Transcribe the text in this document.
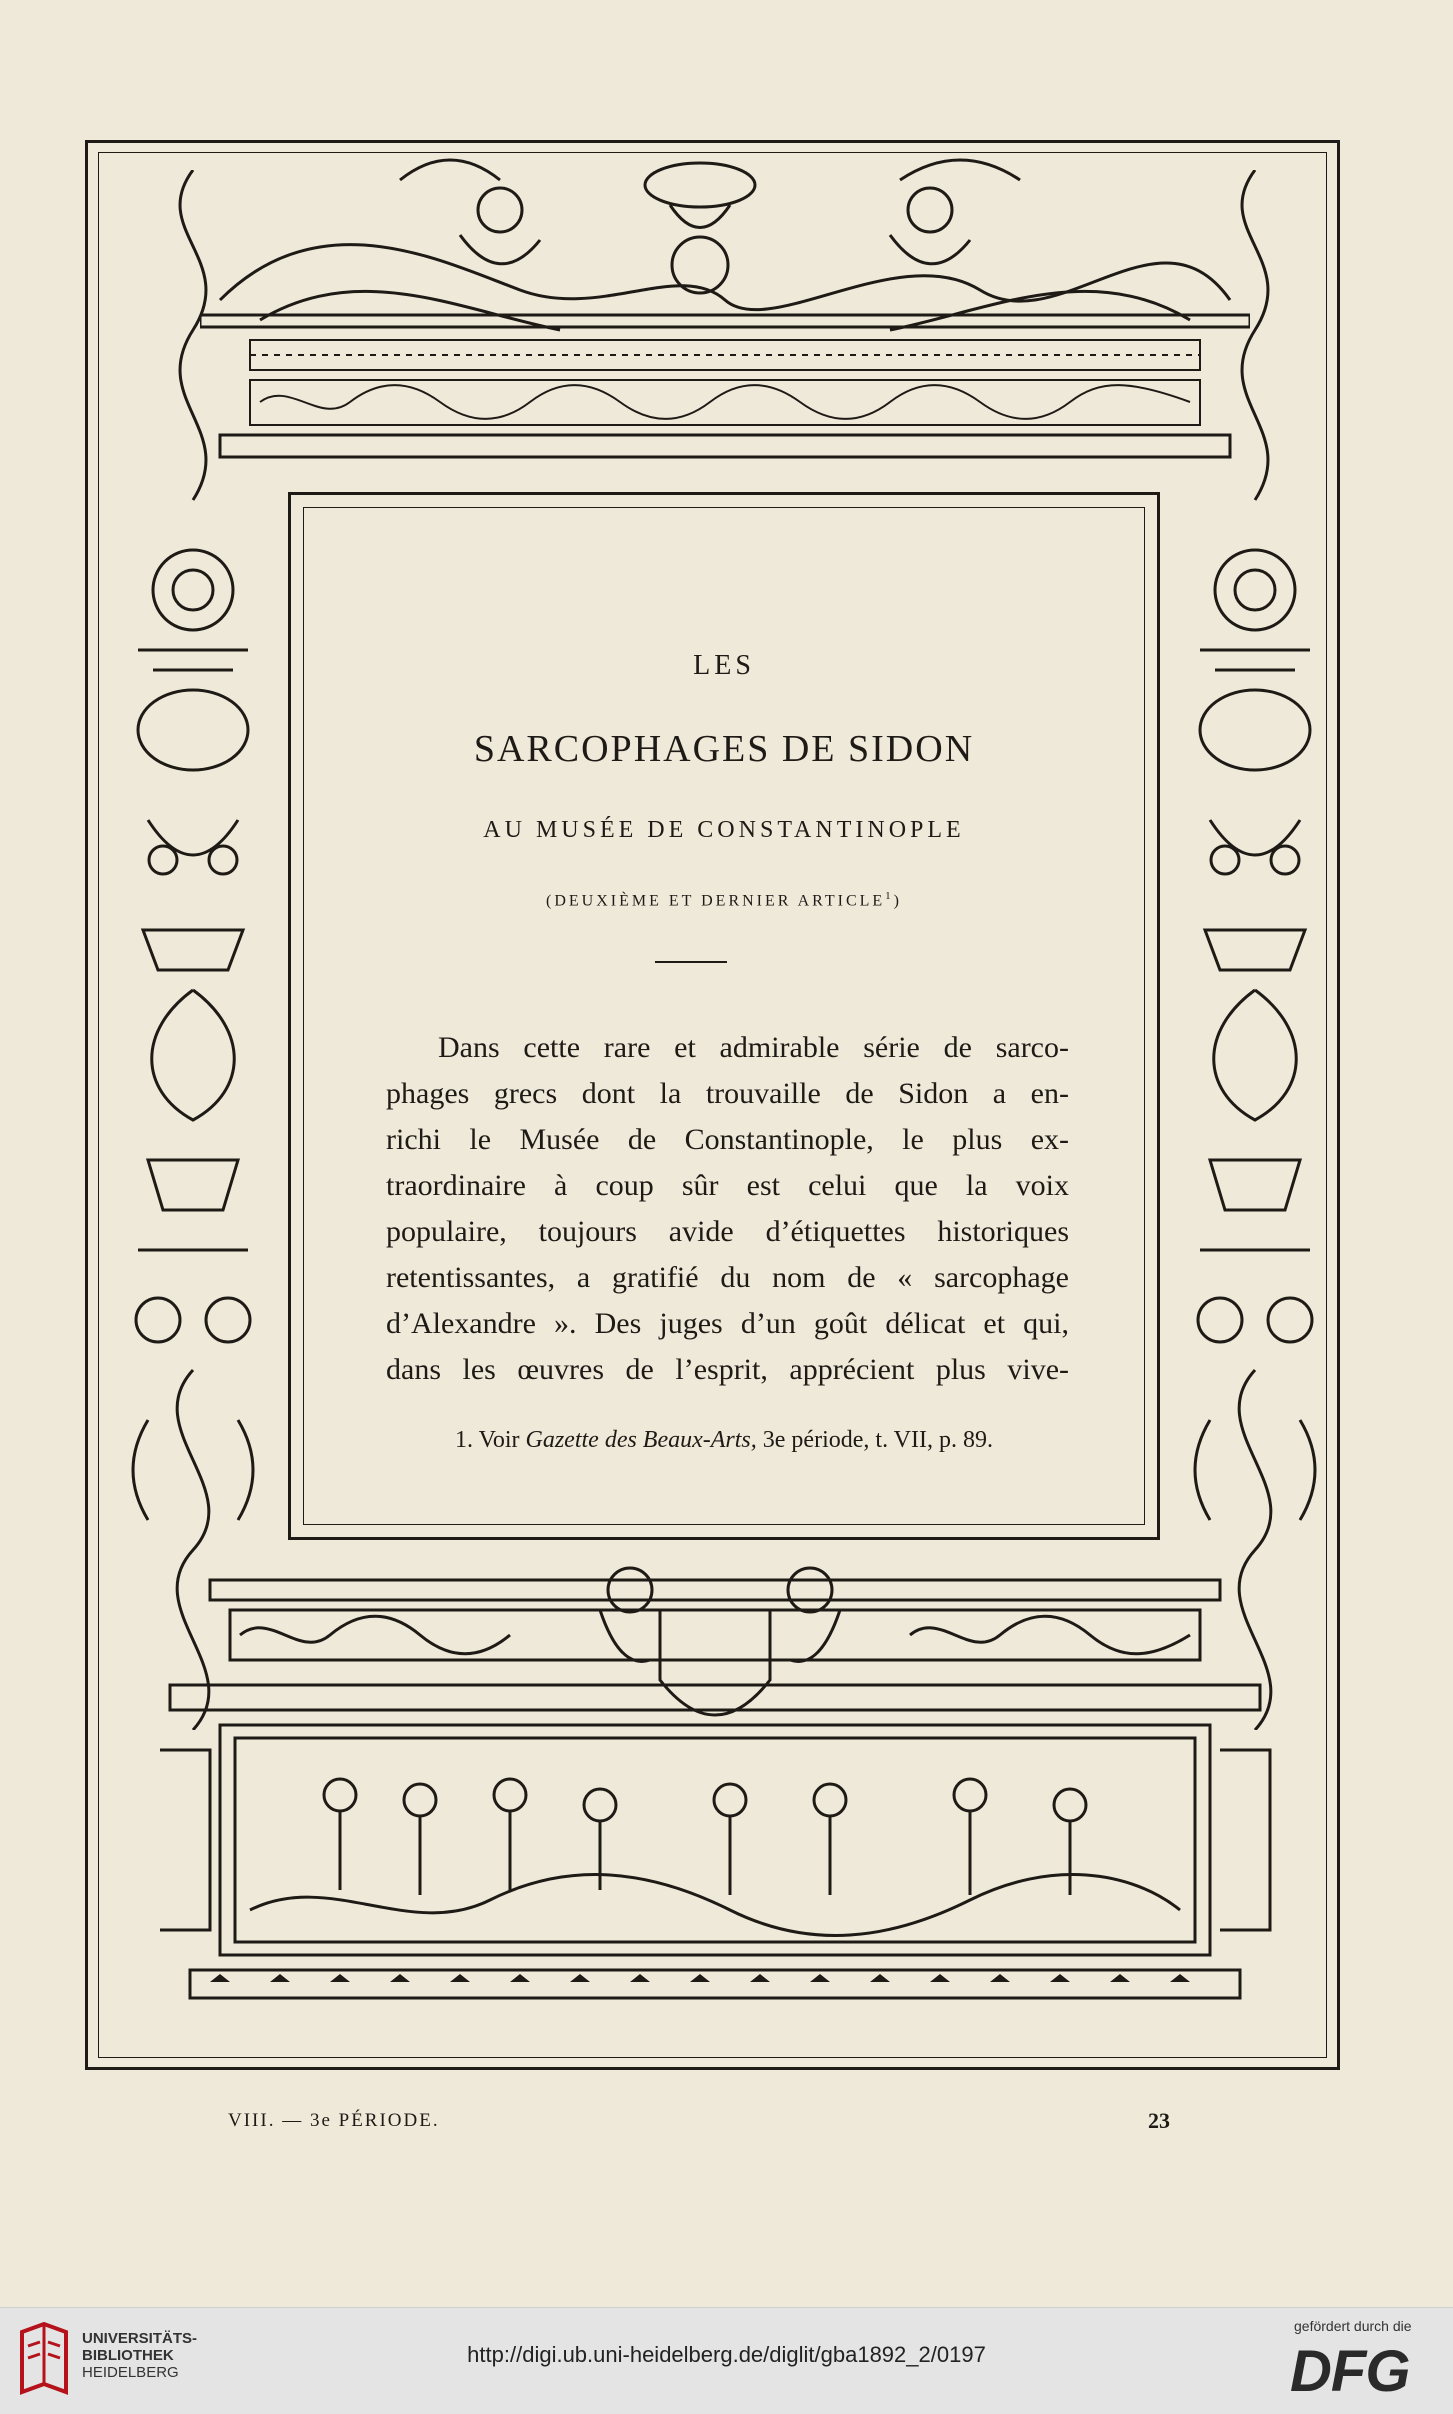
LES
SARCOPHAGES DE SIDON
AU MUSÉE DE CONSTANTINOPLE
(DEUXIÈME ET DERNIER ARTICLE$^1$)
Dans cette rare et admirable série de sarco-
phages grecs dont la trouvaille de Sidon a en-
richi le Musée de Constantinople, le plus ex-
traordinaire à coup sûr est celui que la voix
populaire, toujours avide d’étiquettes historiques
retentissantes, a gratifié du nom de « sarcophage
d’Alexandre ». Des juges d’un goût délicat et qui,
dans les œuvres de l’esprit, apprécient plus vive-
1. Voir Gazette des Beaux-Arts, 3e période, t. VII, p. 89.
VIII. — 3e PÉRIODE.	23
UNIVERSITÄTS-
BIBLIOTHEK
HEIDELBERG
http://digi.ub.uni-heidelberg.de/diglit/gba1892_2/0197
gefördert durch die
DFG
